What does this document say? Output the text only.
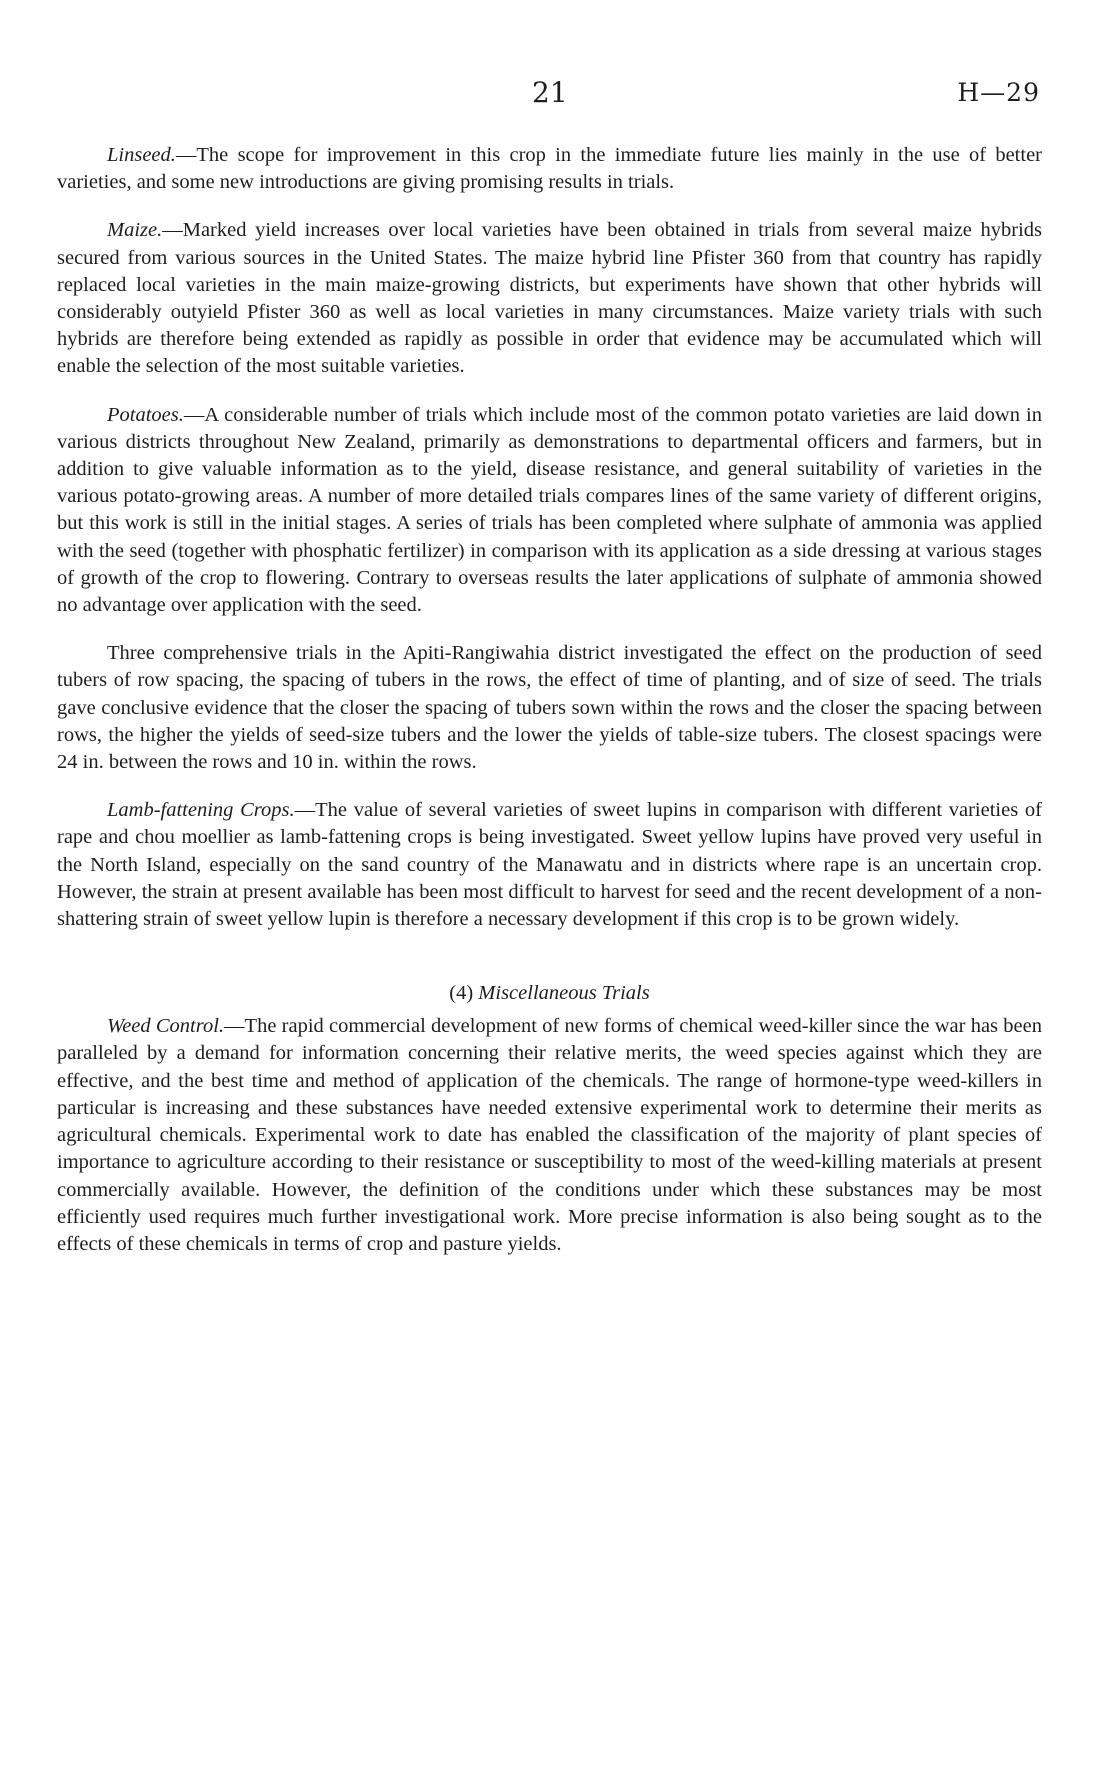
21	H—29

Linseed.—The scope for improvement in this crop in the immediate future lies mainly in the use of better varieties, and some new introductions are giving promising results in trials.

Maize.—Marked yield increases over local varieties have been obtained in trials from several maize hybrids secured from various sources in the United States. The maize hybrid line Pfister 360 from that country has rapidly replaced local varieties in the main maize-growing districts, but experiments have shown that other hybrids will considerably outyield Pfister 360 as well as local varieties in many circumstances. Maize variety trials with such hybrids are therefore being extended as rapidly as possible in order that evidence may be accumulated which will enable the selection of the most suitable varieties.

Potatoes.—A considerable number of trials which include most of the common potato varieties are laid down in various districts throughout New Zealand, primarily as demonstrations to departmental officers and farmers, but in addition to give valuable information as to the yield, disease resistance, and general suitability of varieties in the various potato-growing areas. A number of more detailed trials compares lines of the same variety of different origins, but this work is still in the initial stages. A series of trials has been completed where sulphate of ammonia was applied with the seed (together with phosphatic fertilizer) in comparison with its application as a side dressing at various stages of growth of the crop to flowering. Contrary to overseas results the later applications of sulphate of ammonia showed no advantage over application with the seed.

Three comprehensive trials in the Apiti-Rangiwahia district investigated the effect on the production of seed tubers of row spacing, the spacing of tubers in the rows, the effect of time of planting, and of size of seed. The trials gave conclusive evidence that the closer the spacing of tubers sown within the rows and the closer the spacing between rows, the higher the yields of seed-size tubers and the lower the yields of table-size tubers. The closest spacings were 24 in. between the rows and 10 in. within the rows.

Lamb-fattening Crops.—The value of several varieties of sweet lupins in comparison with different varieties of rape and chou moellier as lamb-fattening crops is being investigated. Sweet yellow lupins have proved very useful in the North Island, especially on the sand country of the Manawatu and in districts where rape is an uncertain crop. However, the strain at present available has been most difficult to harvest for seed and the recent development of a non-shattering strain of sweet yellow lupin is therefore a necessary development if this crop is to be grown widely.

(4) Miscellaneous Trials

Weed Control.—The rapid commercial development of new forms of chemical weed-killer since the war has been paralleled by a demand for information concerning their relative merits, the weed species against which they are effective, and the best time and method of application of the chemicals. The range of hormone-type weed-killers in particular is increasing and these substances have needed extensive experimental work to determine their merits as agricultural chemicals. Experimental work to date has enabled the classification of the majority of plant species of importance to agriculture according to their resistance or susceptibility to most of the weed-killing materials at present commercially available. However, the definition of the conditions under which these substances may be most efficiently used requires much further investigational work. More precise information is also being sought as to the effects of these chemicals in terms of crop and pasture yields.
